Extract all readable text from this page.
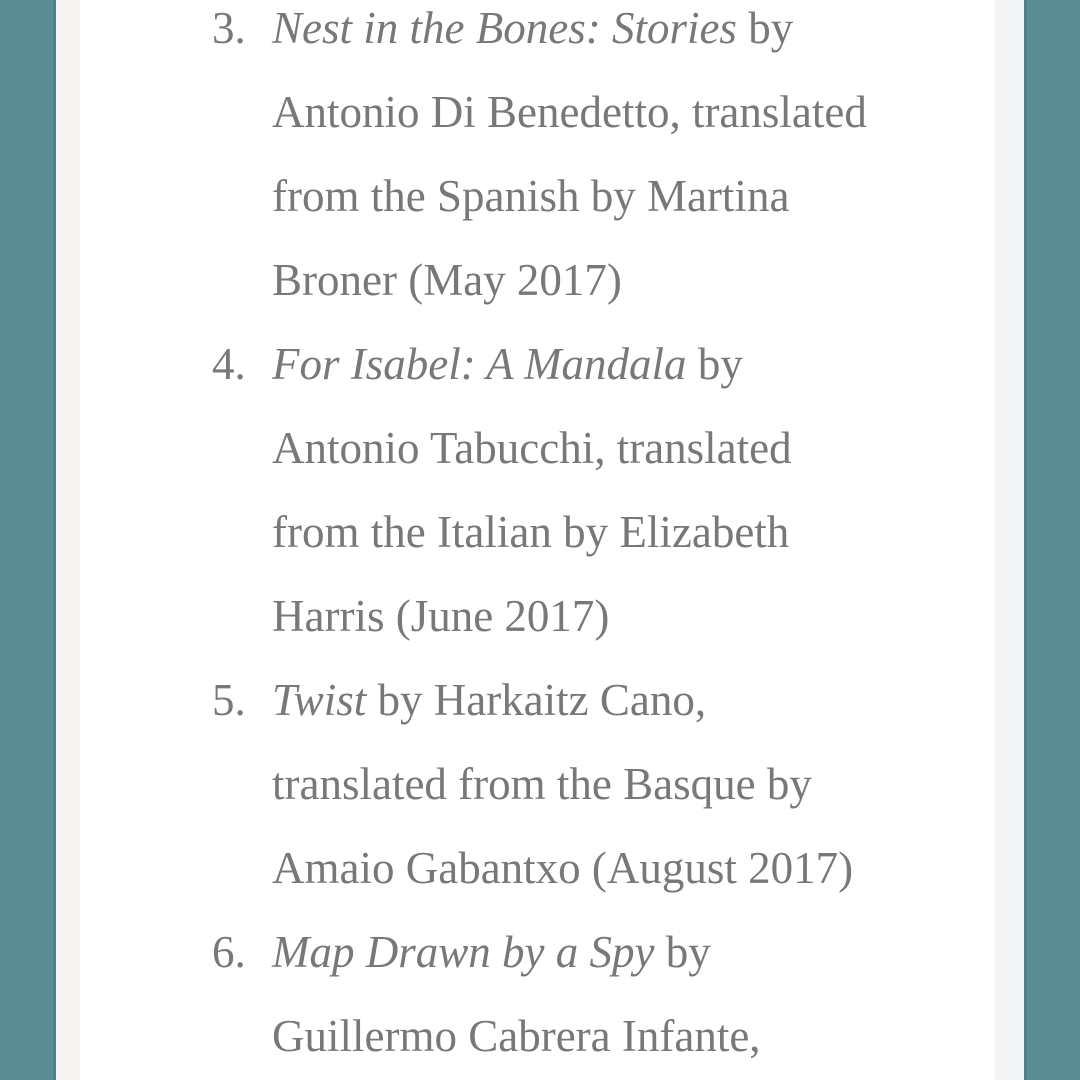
3. Nest in the Bones: Stories by
Antonio Di Benedetto, translated
from the Spanish by Martina
Broner (May 2017)
4. For Isabel: A Mandala by
Antonio Tabucchi, translated
from the Italian by Elizabeth
Harris (June 2017)
5. Twist by Harkaitz Cano,
translated from the Basque by
Amaio Gabantxo (August 2017)
6. Map Drawn by a Spy by
Guillermo Cabrera Infante,
